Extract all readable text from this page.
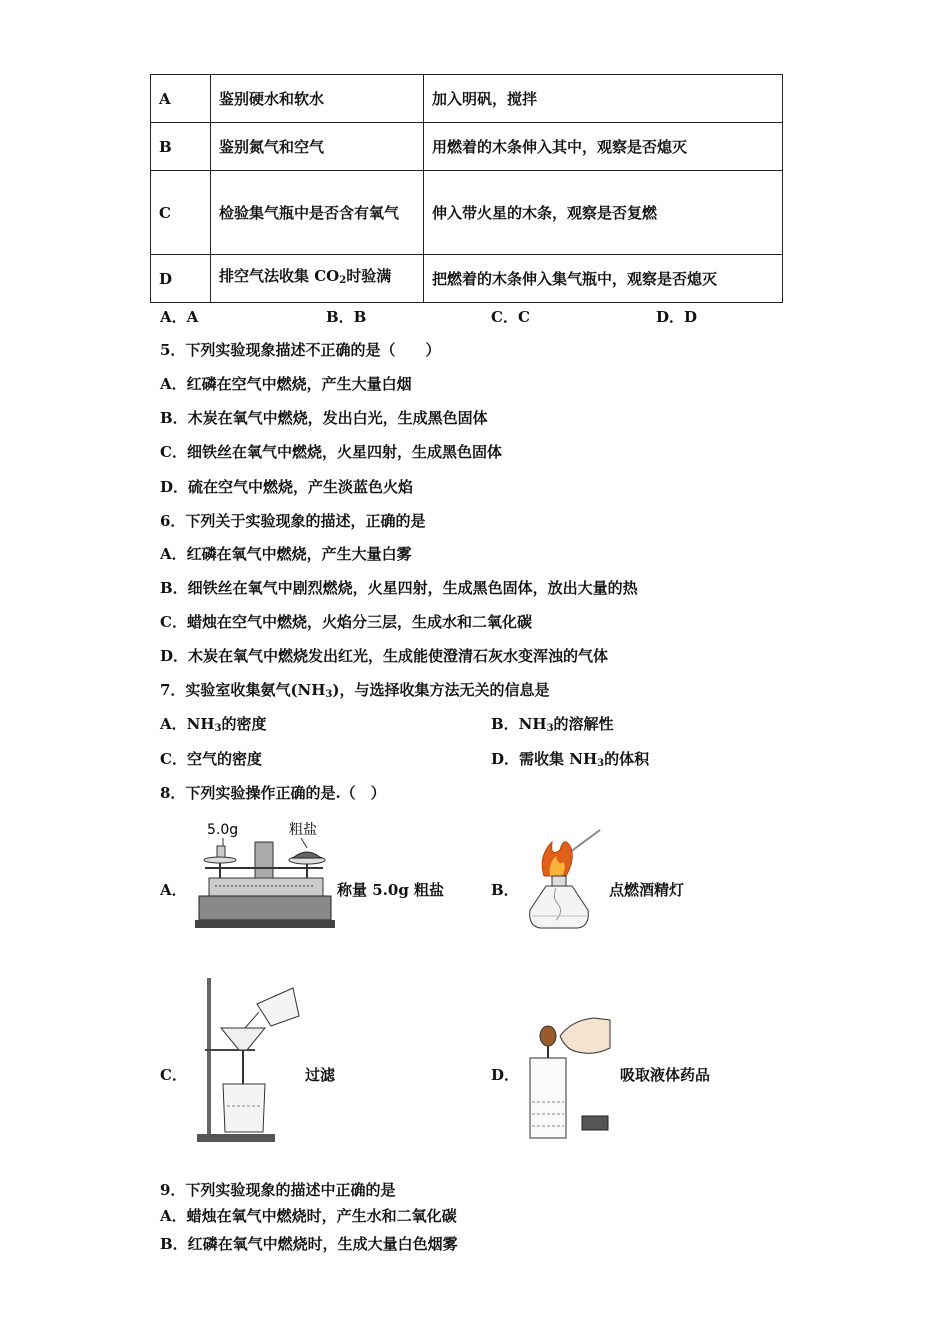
A	鉴别硬水和软水	加入明矾，搅拌
B	鉴别氮气和空气	用燃着的木条伸入其中，观察是否熄灭
C	检验集气瓶中是否含有氧气	伸入带火星的木条，观察是否复燃
D	排空气法收集 $CO_2$时验满	把燃着的木条伸入集气瓶中，观察是否熄灭
A．A	B．B	C．C	D．D
5．下列实验现象描述不正确的是（　　）
A．红磷在空气中燃烧，产生大量白烟
B．木炭在氧气中燃烧，发出白光，生成黑色固体
C．细铁丝在氧气中燃烧，火星四射，生成黑色固体
D．硫在空气中燃烧，产生淡蓝色火焰
6．下列关于实验现象的描述，正确的是
A．红磷在氧气中燃烧，产生大量白雾
B．细铁丝在氧气中剧烈燃烧，火星四射，生成黑色固体，放出大量的热
C．蜡烛在空气中燃烧，火焰分三层，生成水和二氧化碳
D．木炭在氧气中燃烧发出红光，生成能使澄清石灰水变浑浊的气体
7．实验室收集氨气$(NH_3)$，与选择收集方法无关的信息是
A．$NH_3$的密度	B．$NH_3$的溶解性
C．空气的密度	D．需收集 $NH_3$的体积
8．下列实验操作正确的是.（　）
A．
5.0g	粗盐
称量 5.0g 粗盐	B．	点燃酒精灯
C．	过滤	D．	吸取液体药品
9．下列实验现象的描述中正确的是
A．蜡烛在氧气中燃烧时，产生水和二氧化碳
B．红磷在氧气中燃烧时，生成大量白色烟雾
